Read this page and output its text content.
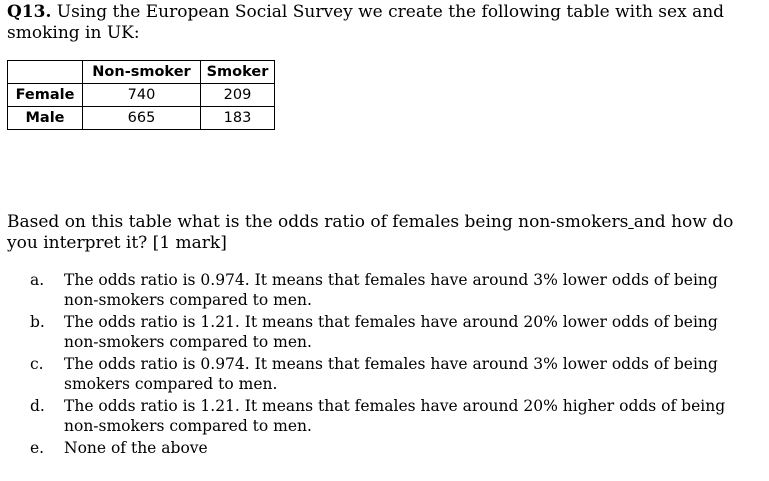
Q13. Using the European Social Survey we create the following table with sex and smoking in UK:
	Non-smoker	Smoker
Female	740	209
Male	665	183
Based on this table what is the odds ratio of females being non-smokers and how do you interpret it? [1 mark]
a. The odds ratio is 0.974. It means that females have around 3% lower odds of being non-smokers compared to men.
b. The odds ratio is 1.21. It means that females have around 20% lower odds of being non-smokers compared to men.
c. The odds ratio is 0.974. It means that females have around 3% lower odds of being smokers compared to men.
d. The odds ratio is 1.21. It means that females have around 20% higher odds of being non-smokers compared to men.
e. None of the above
